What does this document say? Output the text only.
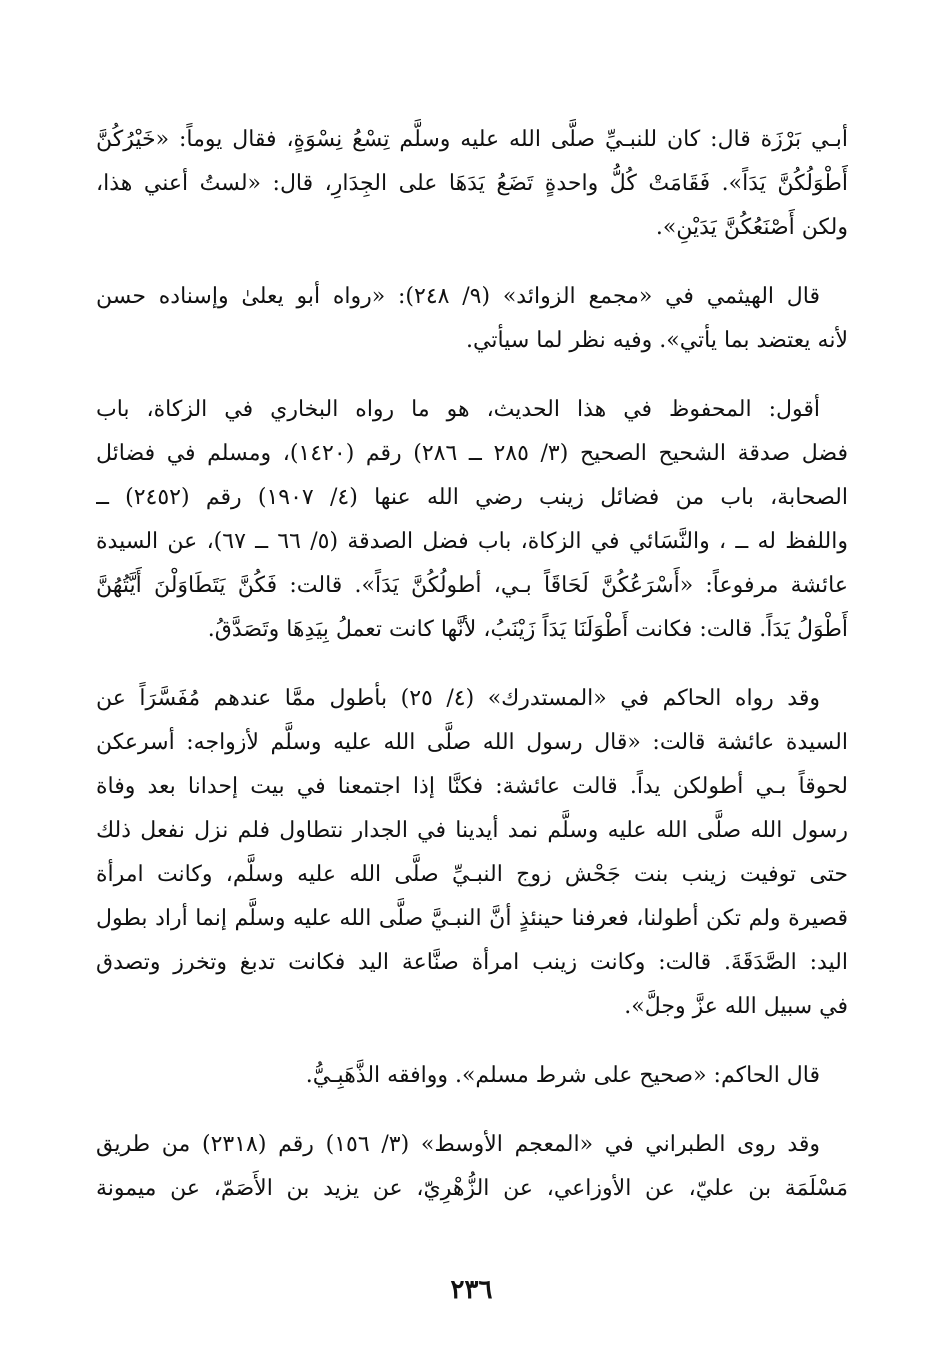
أبـي بَرْزَة قال: كان للنبـيِّ صلَّى الله عليه وسلَّم تِسْعُ نِسْوَةٍ، فقال يوماً: «خَيْرُكُنَّ
أَطْوَلُكُنَّ يَدَاً». فَقَامَتْ كُلُّ واحدةٍ تَضَعُ يَدَهَا على الجِدَارِ، قال: «لستُ أعني هذا،
ولكن أَصْنَعُكُنَّ يَدَيْنِ».
قال الهيثمي في «مجمع الزوائد» (٩/ ٢٤٨): «رواه أبو يعلىٰ وإسناده حسن
لأنه يعتضد بما يأتي». وفيه نظر لما سيأتي.
أقول: المحفوظ في هذا الحديث، هو ما رواه البخاري في الزكاة، باب
فضل صدقة الشحيح الصحيح (٣/ ٢٨٥ ــ ٢٨٦) رقم (١٤٢٠)، ومسلم في فضائل
الصحابة، باب من فضائل زينب رضي الله عنها (٤/ ١٩٠٧) رقم (٢٤٥٢) ــ
واللفظ له ــ ، والنَّسَائي في الزكاة، باب فضل الصدقة (٥/ ٦٦ ــ ٦٧)، عن السيدة
عائشة مرفوعاً: «أَسْرَعُكُنَّ لَحَاقَاً بـي، أطولُكُنَّ يَدَاً». قالت: فَكُنَّ يَتَطَاوَلْنَ أَيَّتُهُنَّ
أَطْوَلُ يَدَاً. قالت: فكانت أَطْوَلَنَا يَدَاً زَيْنَبُ، لأنَّها كانت تعملُ بِيَدِهَا وتَصَدَّقُ.
وقد رواه الحاكم في «المستدرك» (٤/ ٢٥) بأطول ممَّا عندهم مُفَسَّرَاً عن
السيدة عائشة قالت: «قال رسول الله صلَّى الله عليه وسلَّم لأزواجه: أسرعكن
لحوقاً بـي أطولكن يداً. قالت عائشة: فكنَّا إذا اجتمعنا في بيت إحدانا بعد وفاة
رسول الله صلَّى الله عليه وسلَّم نمد أيدينا في الجدار نتطاول فلم نزل نفعل ذلك
حتى توفيت زينب بنت جَحْش زوج النبـيِّ صلَّى الله عليه وسلَّم، وكانت امرأة
قصيرة ولم تكن أطولنا، فعرفنا حينئذٍ أنَّ النبـيَّ صلَّى الله عليه وسلَّم إنما أراد بطول
اليد: الصَّدَقَةَ. قالت: وكانت زينب امرأة صنَّاعة اليد فكانت تدبغ وتخرز وتصدق
في سبيل الله عزَّ وجلَّ».
قال الحاكم: «صحيح على شرط مسلم». ووافقه الذَّهَبِـيُّ.
وقد روى الطبراني في «المعجم الأوسط» (٣/ ١٥٦) رقم (٢٣١٨) من طريق
مَسْلَمَة بن عليّ، عن الأوزاعي، عن الزُّهْرِيّ، عن يزيد بن الأَصَمّ، عن ميمونة
٢٣٦
